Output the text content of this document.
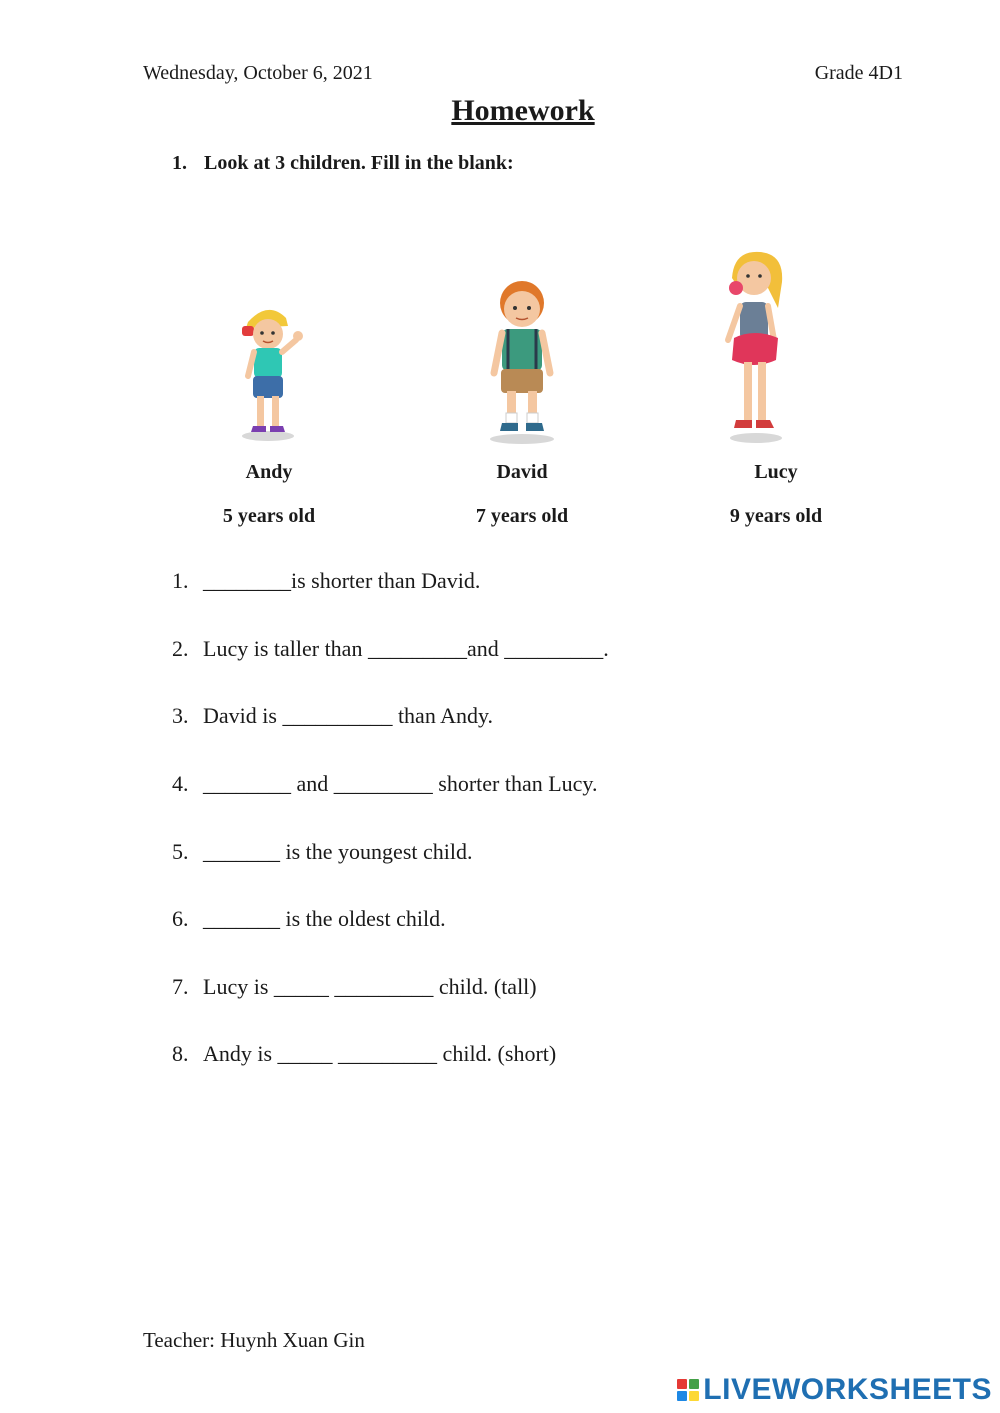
Wednesday, October 6, 2021	Grade 4D1
Homework
1. Look at 3 children. Fill in the blank:
Andy	David	Lucy
5 years old	7 years old	9 years old
1. ________is shorter than David.
2. Lucy is taller than _________and _________.
3. David is __________ than Andy.
4. ________ and _________ shorter than Lucy.
5. _______ is the youngest child.
6. _______ is the oldest child.
7. Lucy is _____ _________ child. (tall)
8. Andy is _____ _________ child. (short)
Teacher: Huynh Xuan Gin
LIVEWORKSHEETS
